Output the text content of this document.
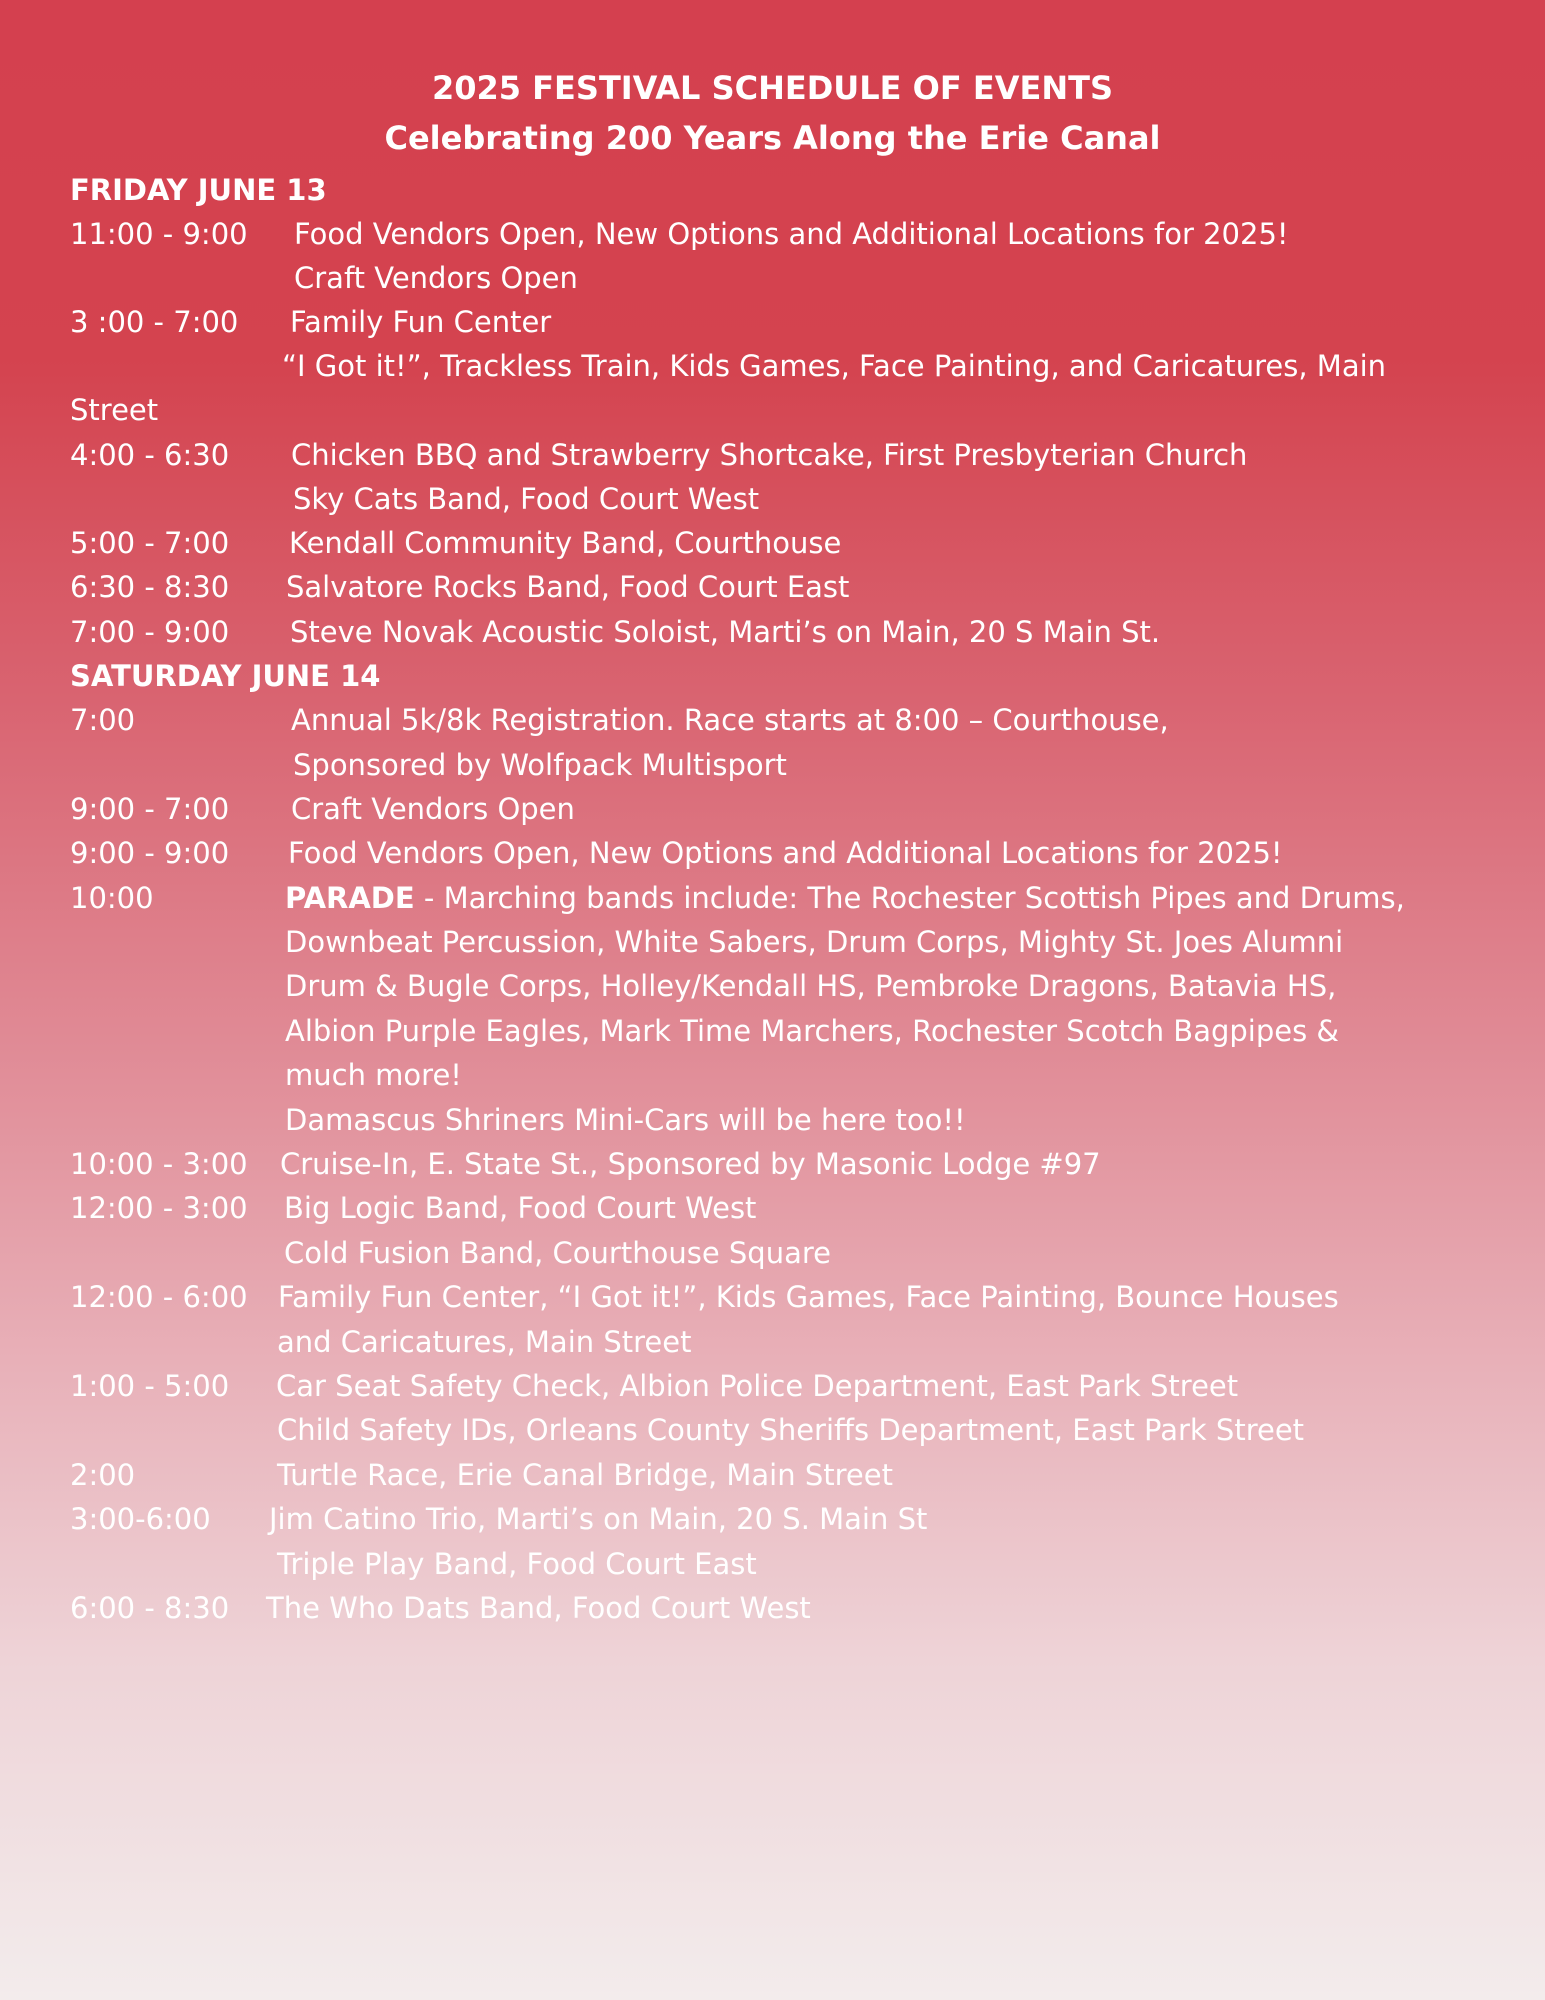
2025 FESTIVAL SCHEDULE OF EVENTS
Celebrating 200 Years Along the Erie Canal
FRIDAY JUNE 13
11:00 - 9:00 Food Vendors Open, New Options and Additional Locations for 2025!
Craft Vendors Open
3 :00 - 7:00 Family Fun Center
“I Got it!”, Trackless Train, Kids Games, Face Painting, and Caricatures, Main
Street
4:00 - 6:30 Chicken BBQ and Strawberry Shortcake, First Presbyterian Church
Sky Cats Band, Food Court West
5:00 - 7:00 Kendall Community Band, Courthouse
6:30 - 8:30 Salvatore Rocks Band, Food Court East
7:00 - 9:00 Steve Novak Acoustic Soloist, Marti’s on Main, 20 S Main St.
SATURDAY JUNE 14
7:00	Annual 5k/8k Registration. Race starts at 8:00 – Courthouse,
Sponsored by Wolfpack Multisport
9:00 - 7:00 Craft Vendors Open
9:00 - 9:00 Food Vendors Open, New Options and Additional Locations for 2025!
10:00	PARADE - Marching bands include: The Rochester Scottish Pipes and Drums,
Downbeat Percussion, White Sabers, Drum Corps, Mighty St. Joes Alumni
Drum & Bugle Corps, Holley/Kendall HS, Pembroke Dragons, Batavia HS,
Albion Purple Eagles, Mark Time Marchers, Rochester Scotch Bagpipes &
much more!
Damascus Shriners Mini-Cars will be here too!!
10:00 - 3:00 Cruise-In, E. State St., Sponsored by Masonic Lodge #97
12:00 - 3:00 Big Logic Band, Food Court West
Cold Fusion Band, Courthouse Square
12:00 - 6:00 Family Fun Center, “I Got it!”, Kids Games, Face Painting, Bounce Houses
and Caricatures, Main Street
1:00 - 5:00 Car Seat Safety Check, Albion Police Department, East Park Street
Child Safety IDs, Orleans County Sheriffs Department, East Park Street
2:00	Turtle Race, Erie Canal Bridge, Main Street
3:00-6:00 Jim Catino Trio, Marti’s on Main, 20 S. Main St
Triple Play Band, Food Court East
6:00 - 8:30 The Who Dats Band, Food Court West
